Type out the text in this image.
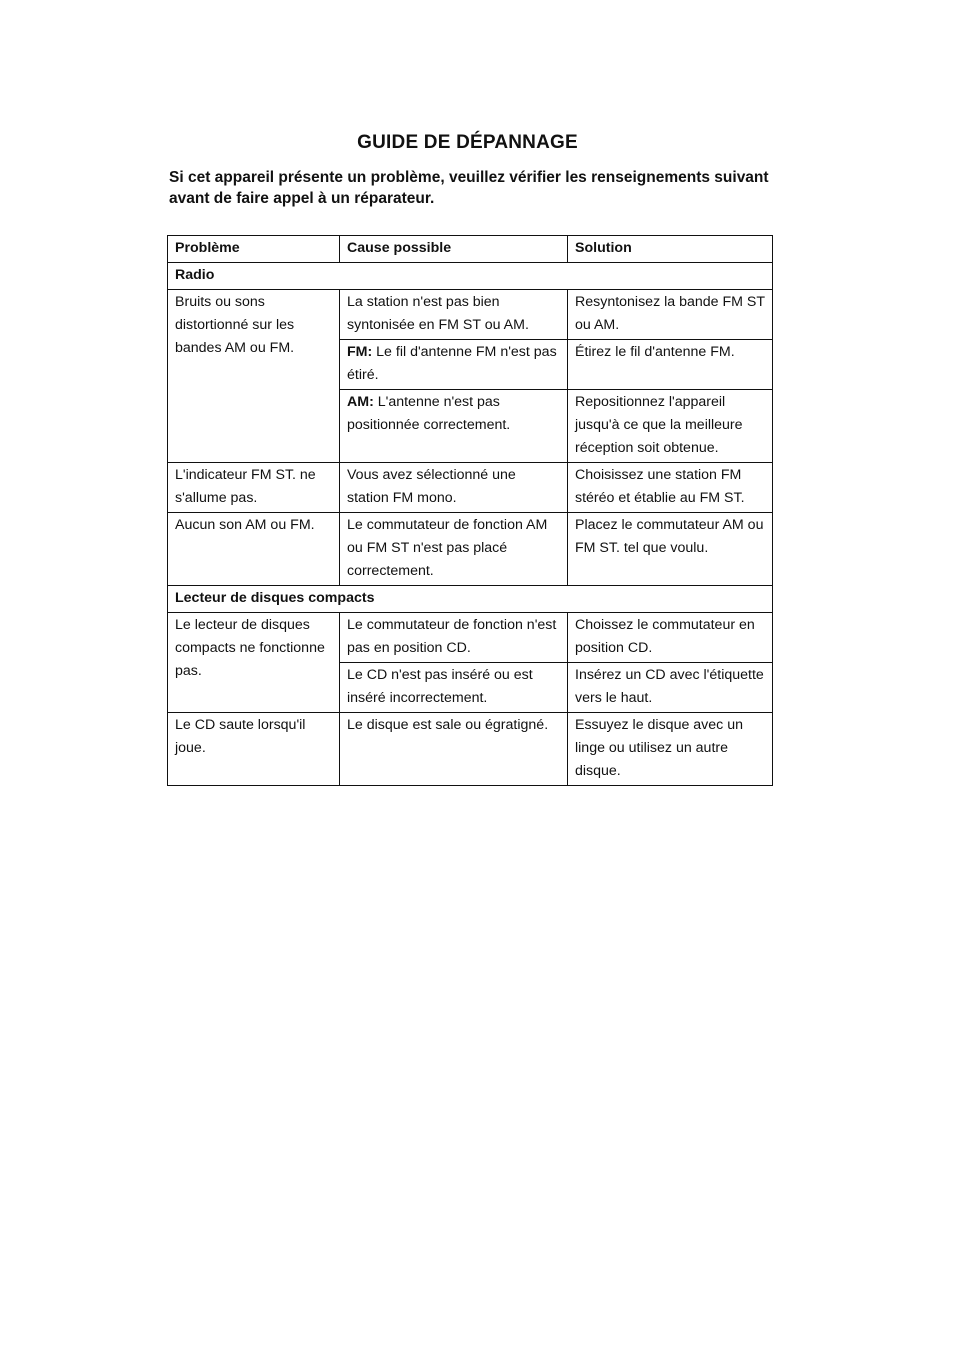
GUIDE DE DÉPANNAGE
Si cet appareil présente un problème, veuillez vérifier les renseignements suivant avant de faire appel à un réparateur.
Problème	Cause possible	Solution
Radio		
Bruits ou sons distortionné sur les bandes AM ou FM.	La station n'est pas bien syntonisée en FM ST ou AM.	Resyntonisez la bande FM ST ou AM.
	FM: Le fil d'antenne FM n'est pas étiré.	Étirez le fil d'antenne FM.
	AM: L'antenne n'est pas positionnée correctement.	Repositionnez l'appareil jusqu'à ce que la meilleure réception soit obtenue.
L'indicateur FM ST. ne s'allume pas.	Vous avez sélectionné une station FM mono.	Choisissez une station FM stéréo et établie au FM ST.
Aucun son AM ou FM.	Le commutateur de fonction AM ou FM ST n'est pas placé correctement.	Placez le commutateur AM ou FM ST. tel que voulu.
Lecteur de disques compacts		
Le lecteur de disques compacts ne fonctionne pas.	Le commutateur de fonction n'est pas en position CD.	Choissez le commutateur en position CD.
	Le CD n'est pas inséré ou est inséré incorrectement.	Insérez un CD avec l'étiquette vers le haut.
Le CD saute lorsqu'il joue.	Le disque est sale ou égratigné.	Essuyez le disque avec un linge ou utilisez un autre disque.
